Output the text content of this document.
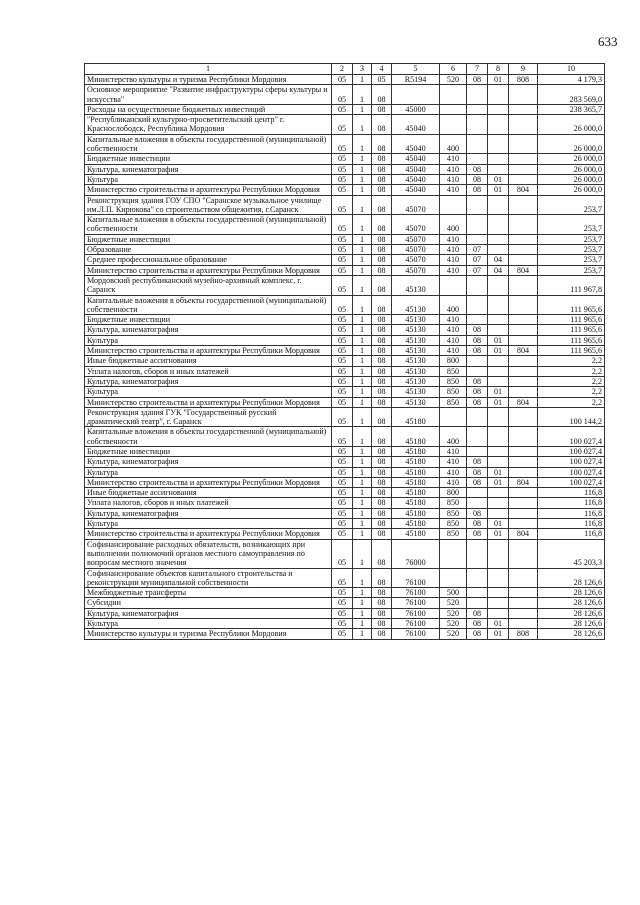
633
1	2	3	4	5	6	7	8	9	10
Министерство культуры и туризма Республики Мордовия	05	1	05	R5194	520	08	01	808	4 179,3
Основное мероприятие "Развитие инфраструктуры сферы культуры и искусства"	05	1	08						283 569,0
Расходы на осуществление бюджетных инвестиций	05	1	08	45000					238 365,7
"Республиканский культурно-просветительский центр" г. Краснослободск, Республика Мордовия	05	1	08	45040					26 000,0
Капитальные вложения в объекты государственной (муниципальной) собственности	05	1	08	45040	400				26 000,0
Бюджетные инвестиции	05	1	08	45040	410				26 000,0
Культура, кинематография	05	1	08	45040	410	08			26 000,0
Культура	05	1	08	45040	410	08	01		26 000,0
Министерство строительства и архитектуры Республики Мордовия	05	1	08	45040	410	08	01	804	26 000,0
Реконструкция здания ГОУ СПО "Саранское музыкальное училище им.Л.П. Кирюкова" со строительством общежития, г.Саранск	05	1	08	45070					253,7
Капитальные вложения в объекты государственной (муниципальной) собственности	05	1	08	45070	400				253,7
Бюджетные инвестиции	05	1	08	45070	410				253,7
Образование	05	1	08	45070	410	07			253,7
Среднее профессиональное образование	05	1	08	45070	410	07	04		253,7
Министерство строительства и архитектуры Республики Мордовия	05	1	08	45070	410	07	04	804	253,7
Мордовский республиканский музейно-архивный комплекс, г. Саранск	05	1	08	45130					111 967,8
Капитальные вложения в объекты государственной (муниципальной) собственности	05	1	08	45130	400				111 965,6
Бюджетные инвестиции	05	1	08	45130	410				111 965,6
Культура, кинематография	05	1	08	45130	410	08			111 965,6
Культура	05	1	08	45130	410	08	01		111 965,6
Министерство строительства и архитектуры Республики Мордовия	05	1	08	45130	410	08	01	804	111 965,6
Иные бюджетные ассигнования	05	1	08	45130	800				2,2
Уплата налогов, сборов и иных платежей	05	1	08	45130	850				2,2
Культура, кинематография	05	1	08	45130	850	08			2,2
Культура	05	1	08	45130	850	08	01		2,2
Министерство строительства и архитектуры Республики Мордовия	05	1	08	45130	850	08	01	804	2,2
Реконструкция здания ГУК "Государственный русский драматический театр", г. Саранск	05	1	08	45180					100 144,2
Капитальные вложения в объекты государственной (муниципальной) собственности	05	1	08	45180	400				100 027,4
Бюджетные инвестиции	05	1	08	45180	410				100 027,4
Культура, кинематография	05	1	08	45180	410	08			100 027,4
Культура	05	1	08	45180	410	08	01		100 027,4
Министерство строительства и архитектуры Республики Мордовия	05	1	08	45180	410	08	01	804	100 027,4
Иные бюджетные ассигнования	05	1	08	45180	800				116,8
Уплата налогов, сборов и иных платежей	05	1	08	45180	850				116,8
Культура, кинематография	05	1	08	45180	850	08			116,8
Культура	05	1	08	45180	850	08	01		116,8
Министерство строительства и архитектуры Республики Мордовия	05	1	08	45180	850	08	01	804	116,8
Софинансирование расходных обязательств, возникающих при выполнении полномочий органов местного самоуправления по вопросам местного значения	05	1	08	76000					45 203,3
Софинансирование объектов капитального строительства и реконструкции муниципальной собственности	05	1	08	76100					28 126,6
Межбюджетные трансферты	05	1	08	76100	500				28 126,6
Субсидии	05	1	08	76100	520				28 126,6
Культура, кинематография	05	1	08	76100	520	08			28 126,6
Культура	05	1	08	76100	520	08	01		28 126,6
Министерство культуры и туризма Республики Мордовия	05	1	08	76100	520	08	01	808	28 126,6
